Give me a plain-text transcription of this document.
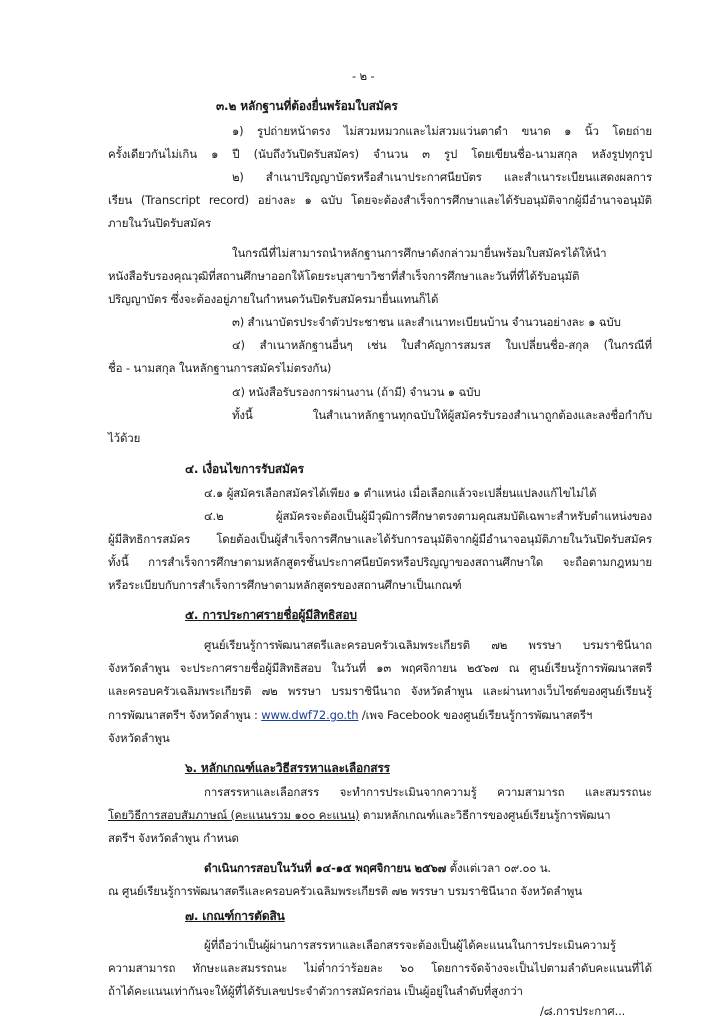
- ๒ -
๓.๒ หลักฐานที่ต้องยื่นพร้อมใบสมัคร
๑) รูปถ่ายหน้าตรง ไม่สวมหมวกและไม่สวมแว่นตาดำ ขนาด ๑ นิ้ว โดยถ่าย
ครั้งเดียวกันไม่เกิน ๑ ปี (นับถึงวันปิดรับสมัคร) จำนวน ๓ รูป โดยเขียนชื่อ-นามสกุล หลังรูปทุกรูป
๒) สำเนาปริญญาบัตรหรือสำเนาประกาศนียบัตร และสำเนาระเบียนแสดงผลการ
เรียน (Transcript record) อย่างละ ๑ ฉบับ โดยจะต้องสำเร็จการศึกษาและได้รับอนุมัติจากผู้มีอำนาจอนุมัติ
ภายในวันปิดรับสมัคร
ในกรณีที่ไม่สามารถนำหลักฐานการศึกษาดังกล่าวมายื่นพร้อมใบสมัครได้ให้นำ
หนังสือรับรองคุณวุฒิที่สถานศึกษาออกให้โดยระบุสาขาวิชาที่สำเร็จการศึกษาและวันที่ที่ได้รับอนุมัติ
ปริญญาบัตร ซึ่งจะต้องอยู่ภายในกำหนดวันปิดรับสมัครมายื่นแทนก็ได้
๓) สำเนาบัตรประจำตัวประชาชน และสำเนาทะเบียนบ้าน จำนวนอย่างละ ๑ ฉบับ
๔) สำเนาหลักฐานอื่นๆ เช่น ใบสำคัญการสมรส ใบเปลี่ยนชื่อ-สกุล (ในกรณีที่
ชื่อ - นามสกุล ในหลักฐานการสมัครไม่ตรงกัน)
๕) หนังสือรับรองการผ่านงาน (ถ้ามี) จำนวน ๑ ฉบับ
ทั้งนี้ ในสำเนาหลักฐานทุกฉบับให้ผู้สมัครรับรองสำเนาถูกต้องและลงชื่อกำกับ
ไว้ด้วย
๔. เงื่อนไขการรับสมัคร
๔.๑ ผู้สมัครเลือกสมัครได้เพียง ๑ ตำแหน่ง เมื่อเลือกแล้วจะเปลี่ยนแปลงแก้ไขไม่ได้
๔.๒ ผู้สมัครจะต้องเป็นผู้มีวุฒิการศึกษาตรงตามคุณสมบัติเฉพาะสำหรับตำแหน่งของ
ผู้มีสิทธิการสมัคร โดยต้องเป็นผู้สำเร็จการศึกษาและได้รับการอนุมัติจากผู้มีอำนาจอนุมัติภายในวันปิดรับสมัคร
ทั้งนี้ การสำเร็จการศึกษาตามหลักสูตรชั้นประกาศนียบัตรหรือปริญญาของสถานศึกษาใด จะถือตามกฎหมาย
หรือระเบียบกับการสำเร็จการศึกษาตามหลักสูตรของสถานศึกษาเป็นเกณฑ์
๕. การประกาศรายชื่อผู้มีสิทธิสอบ
ศูนย์เรียนรู้การพัฒนาสตรีและครอบครัวเฉลิมพระเกียรติ ๗๒ พรรษา บรมราชินีนาถ
จังหวัดลำพูน จะประกาศรายชื่อผู้มีสิทธิสอบ ในวันที่ ๑๓ พฤศจิกายน ๒๕๖๗ ณ ศูนย์เรียนรู้การพัฒนาสตรี
และครอบครัวเฉลิมพระเกียรติ ๗๒ พรรษา บรมราชินีนาถ จังหวัดลำพูน และผ่านทางเว็บไซต์ของศูนย์เรียนรู้
การพัฒนาสตรีฯ จังหวัดลำพูน : www.dwf72.go.th /เพจ Facebook ของศูนย์เรียนรู้การพัฒนาสตรีฯ
จังหวัดลำพูน
๖. หลักเกณฑ์และวิธีสรรหาและเลือกสรร
การสรรหาและเลือกสรร จะทำการประเมินจากความรู้ ความสามารถ และสมรรถนะ
โดยวิธีการสอบสัมภาษณ์ (คะแนนรวม ๑๐๐ คะแนน) ตามหลักเกณฑ์และวิธีการของศูนย์เรียนรู้การพัฒนา
สตรีฯ จังหวัดลำพูน กำหนด
ดำเนินการสอบในวันที่ ๑๔-๑๕ พฤศจิกายน ๒๕๖๗ ตั้งแต่เวลา ๐๙.๐๐ น.
ณ ศูนย์เรียนรู้การพัฒนาสตรีและครอบครัวเฉลิมพระเกียรติ ๗๒ พรรษา บรมราชินีนาถ จังหวัดลำพูน
๗. เกณฑ์การตัดสิน
ผู้ที่ถือว่าเป็นผู้ผ่านการสรรหาและเลือกสรรจะต้องเป็นผู้ได้คะแนนในการประเมินความรู้
ความสามารถ ทักษะและสมรรถนะ ไม่ต่ำกว่าร้อยละ ๖๐ โดยการจัดจ้างจะเป็นไปตามลำดับคะแนนที่ได้
ถ้าได้คะแนนเท่ากันจะให้ผู้ที่ได้รับเลขประจำตัวการสมัครก่อน เป็นผู้อยู่ในลำดับที่สูงกว่า
/๘.การประกาศ...
